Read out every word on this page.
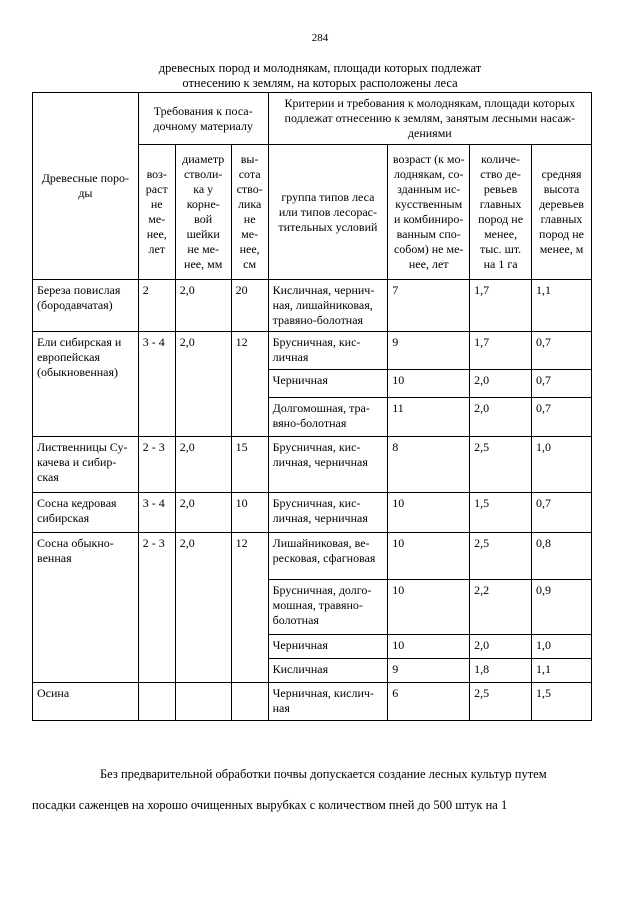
284
древесных пород и молоднякам, площади которых подлежат
отнесению к землям, на которых расположены леса
Древесные поро-ды	Требования к поса-дочному материалу			Критерии и требования к молоднякам, площади которых подлежат отнесению к землям, занятым лесными насаж-дениями			
	воз-раст не ме-нее, лет	диаметр стволи-ка у корне-вой шейки не ме-нее, мм	вы-сота ство-лика не ме-нее, см	группа типов леса или типов лесорас-тительных условий	возраст (к мо-лоднякам, со-зданным ис-кусственным и комбиниро-ванным спо-собом) не ме-нее, лет	количе-ство де-ревьев главных пород не менее, тыс. шт. на 1 га	средняя высота деревьев главных пород не менее, м
Береза повислая (бородавчатая)	2	2,0	20	Кисличная, чернич-ная, лишайниковая, травяно-болотная	7	1,7	1,1
Ели сибирская и европейская (обыкновенная)	3 - 4	2,0	12	Брусничная, кис-личная	9	1,7	0,7
				Черничная	10	2,0	0,7
				Долгомошная, тра-вяно-болотная	11	2,0	0,7
Лиственницы Су-качева и сибир-ская	2 - 3	2,0	15	Брусничная, кис-личная, черничная	8	2,5	1,0
Сосна кедровая сибирская	3 - 4	2,0	10	Брусничная, кис-личная, черничная	10	1,5	0,7
Сосна обыкно-венная	2 - 3	2,0	12	Лишайниковая, ве-ресковая, сфагновая	10	2,5	0,8
				Брусничная, долго-мошная, травяно-болотная	10	2,2	0,9
				Черничная	10	2,0	1,0
				Кисличная	9	1,8	1,1
Осина				Черничная, кислич-ная	6	2,5	1,5
Без предварительной обработки почвы допускается создание лесных культур путем
посадки саженцев на хорошо очищенных вырубках с количеством пней до 500 штук на 1
